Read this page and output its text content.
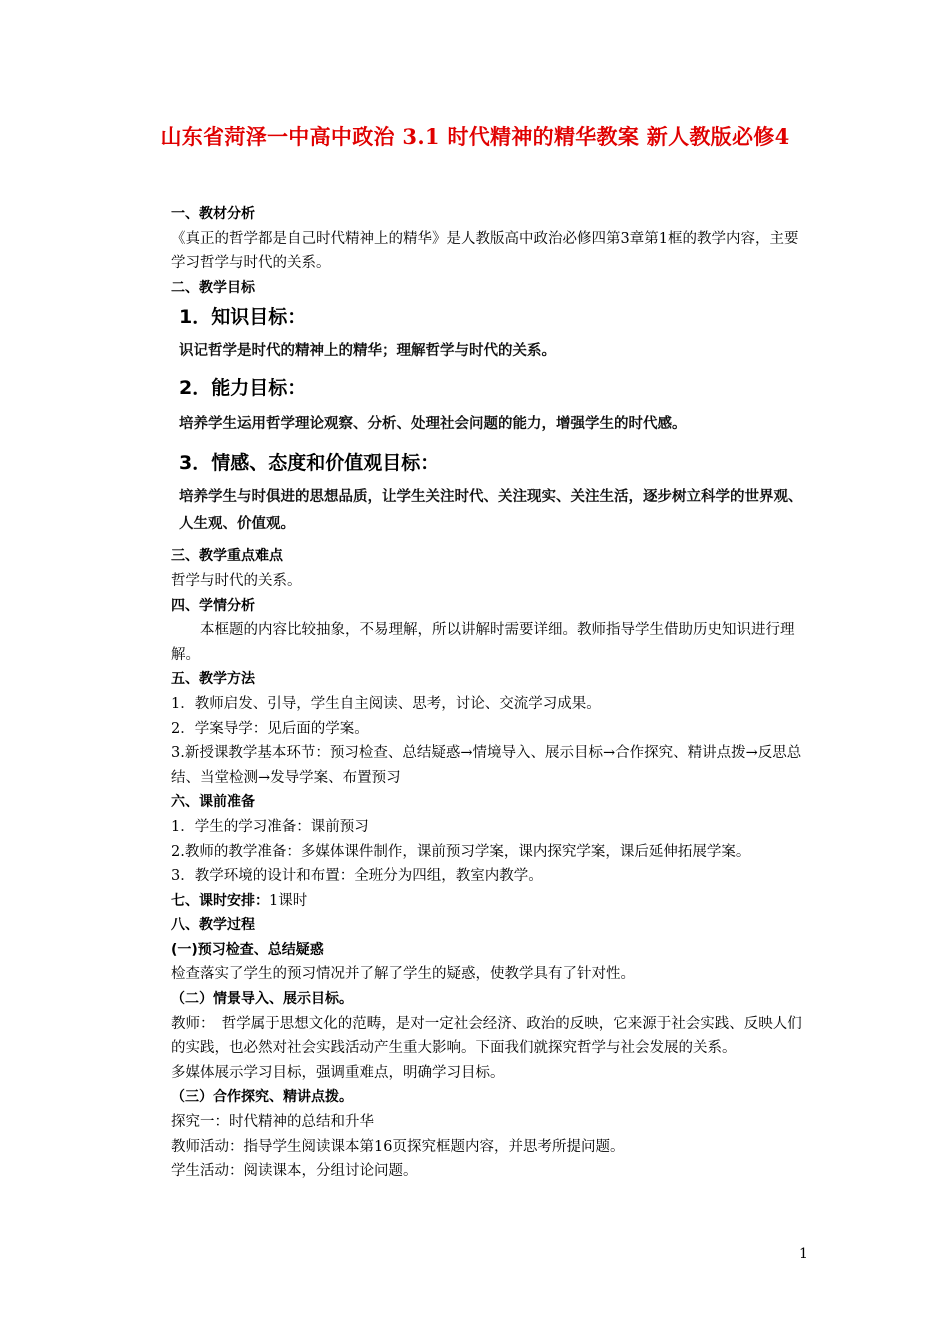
山东省菏泽一中高中政治 3.1 时代精神的精华教案 新人教版必修4

一、教材分析

《真正的哲学都是自己时代精神上的精华》是人教版高中政治必修四第3章第1框的教学内容，主要学习哲学与时代的关系。

二、教学目标

1．知识目标：

识记哲学是时代的精神上的精华；理解哲学与时代的关系。

2．能力目标：

培养学生运用哲学理论观察、分析、处理社会问题的能力，增强学生的时代感。

3．情感、态度和价值观目标：

培养学生与时俱进的思想品质，让学生关注时代、关注现实、关注生活，逐步树立科学的世界观、人生观、价值观。

三、教学重点难点

哲学与时代的关系。

四、学情分析

本框题的内容比较抽象，不易理解，所以讲解时需要详细。教师指导学生借助历史知识进行理解。

五、教学方法

1．教师启发、引导，学生自主阅读、思考，讨论、交流学习成果。

2．学案导学：见后面的学案。

3.新授课教学基本环节：预习检查、总结疑惑→情境导入、展示目标→合作探究、精讲点拨→反思总结、当堂检测→发导学案、布置预习

六、课前准备

1．学生的学习准备：课前预习

2.教师的教学准备：多媒体课件制作，课前预习学案，课内探究学案，课后延伸拓展学案。

3．教学环境的设计和布置：全班分为四组，教室内教学。

七、课时安排：1课时

八、教学过程

(一)预习检查、总结疑惑

检查落实了学生的预习情况并了解了学生的疑惑，使教学具有了针对性。

（二）情景导入、展示目标。

教师：　哲学属于思想文化的范畴，是对一定社会经济、政治的反映，它来源于社会实践、反映人们的实践，也必然对社会实践活动产生重大影响。下面我们就探究哲学与社会发展的关系。

多媒体展示学习目标，强调重难点，明确学习目标。

（三）合作探究、精讲点拨。

探究一：时代精神的总结和升华

教师活动：指导学生阅读课本第16页探究框题内容，并思考所提问题。

学生活动：阅读课本，分组讨论问题。

1
